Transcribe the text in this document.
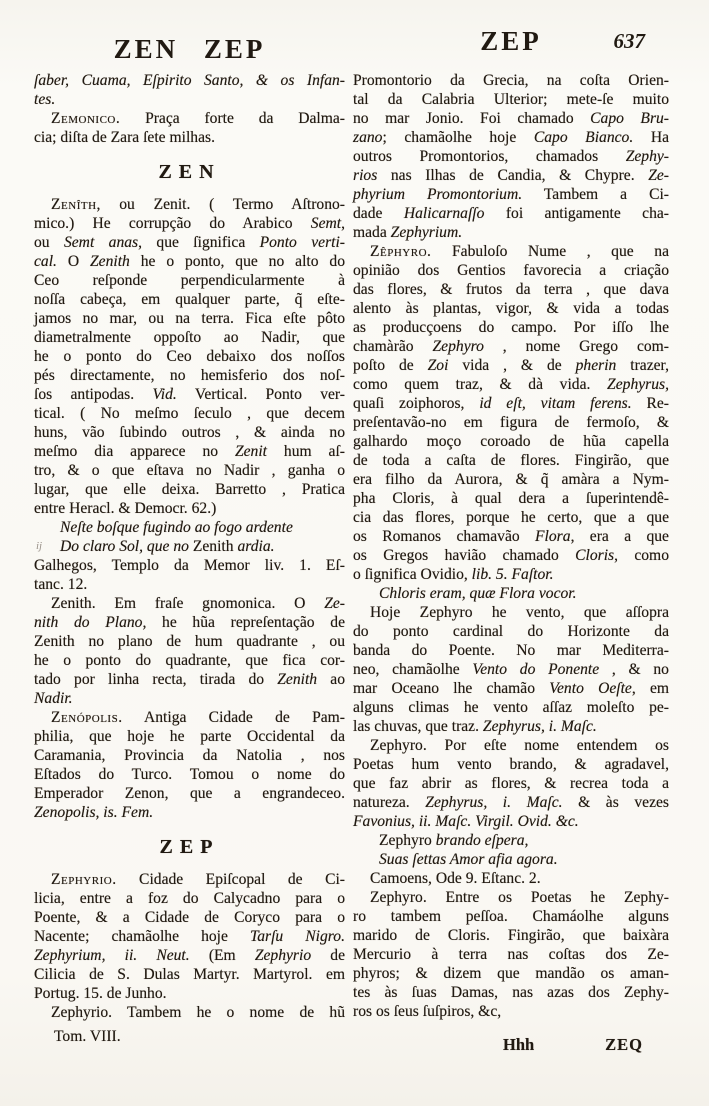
ZEN ZEP	ZEP	637

ſaber, Cuama, Eſpirito Santo, & os Infan-

tes.

Zemonico. Praça forte da Dalma-

cia; diſta de Zara ſete milhas.

ZEN

Zenîth, ou Zenit. ( Termo Aſtrono-

mico.) He corrupção do Arabico Semt,

ou Semt anas, que ſignifica Ponto verti-

cal. O Zenith he o ponto, que no alto do

Ceo reſponde perpendicularmente à

noſſa cabeça, em qualquer parte, q̃ eſte-

jamos no mar, ou na terra. Fica eſte pôto

diametralmente oppoſto ao Nadir, que

he o ponto do Ceo debaixo dos noſſos

pés directamente, no hemisferio dos noſ-

ſos antipodas. Vid. Vertical. Ponto ver-

tical. ( No meſmo ſeculo , que decem

huns, vão ſubindo outros , & ainda no

meſmo dia apparece no Zenit hum aſ-

tro, & o que eſtava no Nadir , ganha o

lugar, que elle deixa. Barretto , Pratica

entre Heracl. & Democr. 62.)

Neſte boſque fugindo ao fogo ardente

Do claro Sol, que no Zenith ardia.

Galhegos, Templo da Memor liv. 1. Eſ-

tanc. 12.

Zenith. Em fraſe gnomonica. O Ze-

nith do Plano, he hũa repreſentação de

Zenith no plano de hum quadrante , ou

he o ponto do quadrante, que fica cor-

tado por linha recta, tirada do Zenith ao

Nadir.

Zenópolis. Antiga Cidade de Pam-

philia, que hoje he parte Occidental da

Caramania, Provincia da Natolia , nos

Eſtados do Turco. Tomou o nome do

Emperador Zenon, que a engrandeceo.

Zenopolis, is. Fem.

ZEP

Zephyrio. Cidade Epiſcopal de Ci-

licia, entre a foz do Calycadno para o

Poente, & a Cidade de Coryco para o

Nacente; chamãolhe hoje Tarſu Nigro.

Zephyrium, ii. Neut. (Em Zephyrio de

Cilicia de S. Dulas Martyr. Martyrol. em

Portug. 15. de Junho.

Zephyrio. Tambem he o nome de hũ

Tom. VIII.

Promontorio da Grecia, na coſta Orien-

tal da Calabria Ulterior; mete-ſe muito

no mar Jonio. Foi chamado Capo Bru-

zano; chamãolhe hoje Capo Bianco. Ha

outros Promontorios, chamados Zephy-

rios nas Ilhas de Candia, & Chypre. Ze-

phyrium Promontorium. Tambem a Ci-

dade Halicarnaſſo foi antigamente cha-

mada Zephyrium.

Zêphyro. Fabuloſo Nume , que na

opinião dos Gentios favorecia a criação

das flores, & frutos da terra , que dava

alento às plantas, vigor, & vida a todas

as producçoens do campo. Por iſſo lhe

chamàrão Zephyro , nome Grego com-

poſto de Zoi vida , & de pherin trazer,

como quem traz, & dà vida. Zephyrus,

quaſi zoiphoros, id eſt, vitam ferens. Re-

preſentavão-no em figura de fermoſo, &

galhardo moço coroado de hũa capella

de toda a caſta de flores. Fingirão, que

era filho da Aurora, & q̃ amàra a Nym-

pha Cloris, à qual dera a ſuperintendê-

cia das flores, porque he certo, que a que

os Romanos chamavão Flora, era a que

os Gregos havião chamado Cloris, como

o ſignifica Ovidio, lib. 5. Faſtor.

Chloris eram, quæ Flora vocor.

Hoje Zephyro he vento, que aſſopra

do ponto cardinal do Horizonte da

banda do Poente. No mar Mediterra-

neo, chamãolhe Vento do Ponente , & no

mar Oceano lhe chamão Vento Oeſte, em

alguns climas he vento aſſaz moleſto pe-

las chuvas, que traz. Zephyrus, i. Maſc.

Zephyro. Por eſte nome entendem os

Poetas hum vento brando, & agradavel,

que faz abrir as flores, & recrea toda a

natureza. Zephyrus, i. Maſc. & às vezes

Favonius, ii. Maſc. Virgil. Ovid. &c.

Zephyro brando eſpera,

Suas ſettas Amor afia agora.

Camoens, Ode 9. Eſtanc. 2.

Zephyro. Entre os Poetas he Zephy-

ro tambem peſſoa. Chamáolhe alguns

marido de Cloris. Fingirão, que baixàra

Mercurio à terra nas coſtas dos Ze-

phyros; & dizem que mandão os aman-

tes às ſuas Damas, nas azas dos Zephy-

ros os ſeus ſuſpiros, &c,

Hhh	ZEQ
ij
